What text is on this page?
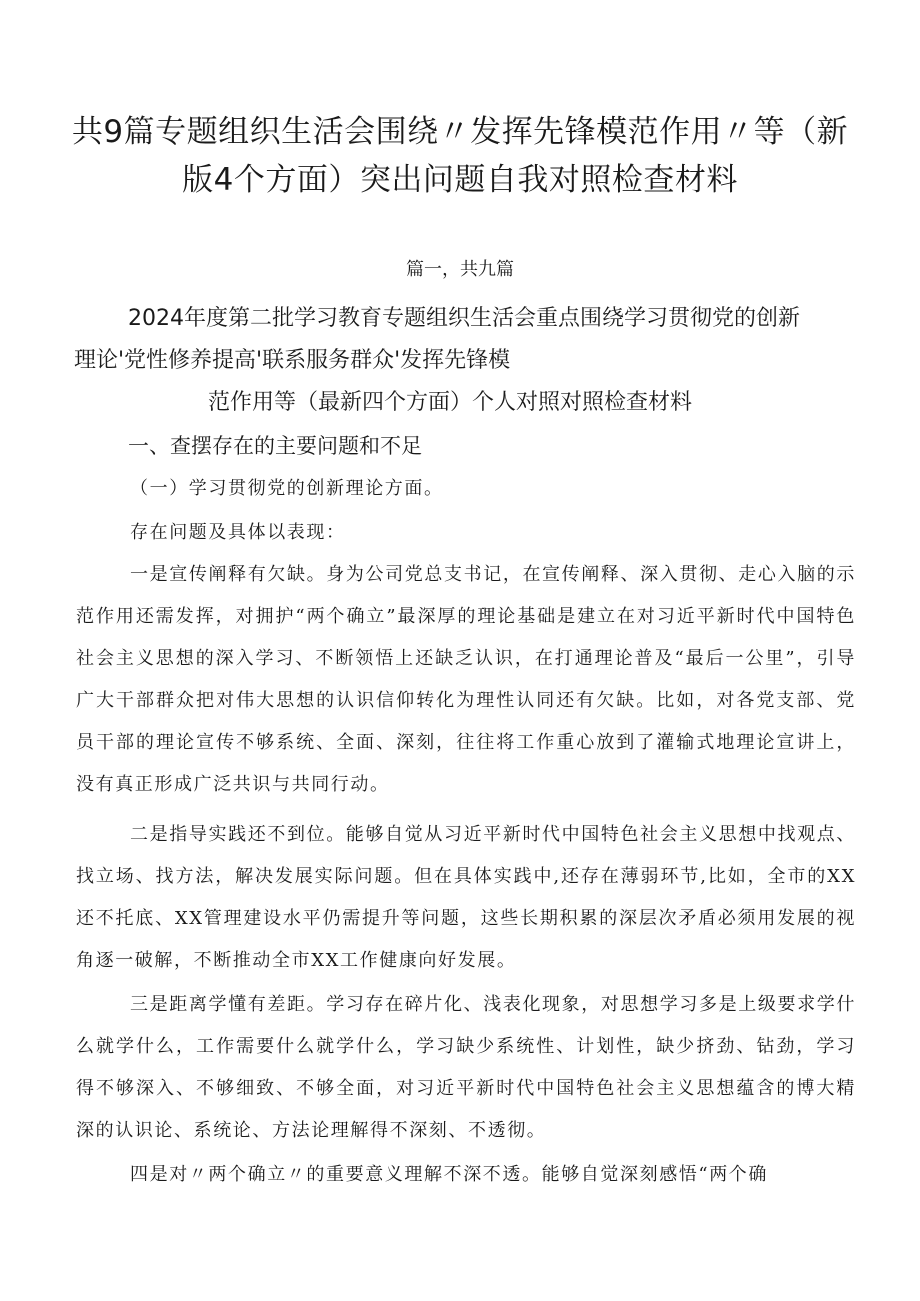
共9篇专题组织生活会围绕〃发挥先锋模范作用〃等（新
版4个方面）突出问题自我对照检查材料
篇一，共九篇
2024年度第二批学习教育专题组织生活会重点围绕学习贯彻党的创新
理论'党性修养提高'联系服务群众'发挥先锋模
范作用等（最新四个方面）个人对照对照检查材料
一、查摆存在的主要问题和不足

（一）学习贯彻党的创新理论方面。

存在问题及具体以表现：

一是宣传阐释有欠缺。身为公司党总支书记，在宣传阐释、深入贯彻、走心入脑的示范作用还需发挥，对拥护“两个确立”最深厚的理论基础是建立在对习近平新时代中国特色社会主义思想的深入学习、不断领悟上还缺乏认识，在打通理论普及“最后一公里”，引导广大干部群众把对伟大思想的认识信仰转化为理性认同还有欠缺。比如，对各党支部、党员干部的理论宣传不够系统、全面、深刻，往往将工作重心放到了灌输式地理论宣讲上，没有真正形成广泛共识与共同行动。

二是指导实践还不到位。能够自觉从习近平新时代中国特色社会主义思想中找观点、找立场、找方法，解决发展实际问题。但在具体实践中,还存在薄弱环节,比如，全市的XX还不托底、XX管理建设水平仍需提升等问题，这些长期积累的深层次矛盾必须用发展的视角逐一破解，不断推动全市XX工作健康向好发展。

三是距离学懂有差距。学习存在碎片化、浅表化现象，对思想学习多是上级要求学什么就学什么，工作需要什么就学什么，学习缺少系统性、计划性，缺少挤劲、钻劲，学习得不够深入、不够细致、不够全面，对习近平新时代中国特色社会主义思想蕴含的博大精深的认识论、系统论、方法论理解得不深刻、不透彻。

四是对〃两个确立〃的重要意义理解不深不透。能够自觉深刻感悟“两个确
